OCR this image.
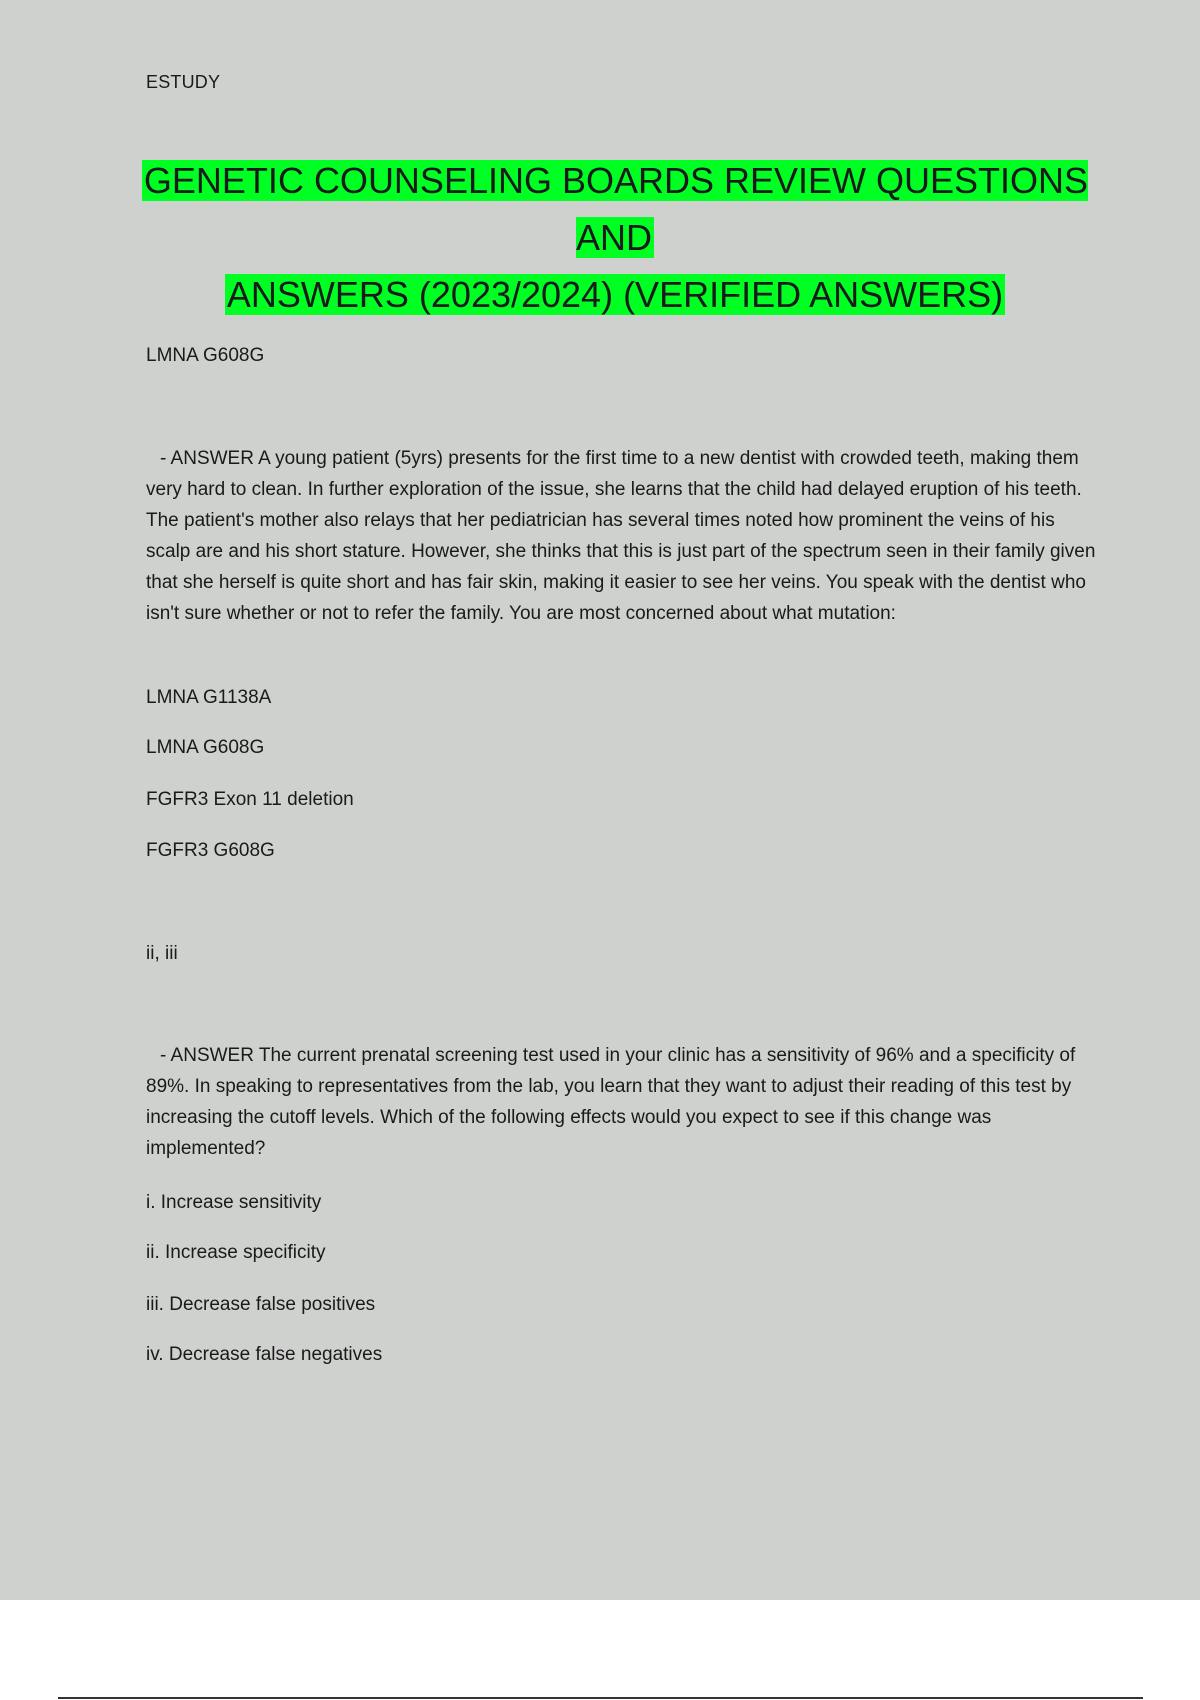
ESTUDY
GENETIC COUNSELING BOARDS REVIEW QUESTIONS AND
ANSWERS (2023/2024) (VERIFIED ANSWERS)
LMNA G608G
- ANSWER A young patient (5yrs) presents for the first time to a new dentist with crowded teeth, making them very hard to clean. In further exploration of the issue, she learns that the child had delayed eruption of his teeth. The patient's mother also relays that her pediatrician has several times noted how prominent the veins of his scalp are and his short stature. However, she thinks that this is just part of the spectrum seen in their family given that she herself is quite short and has fair skin, making it easier to see her veins. You speak with the dentist who isn't sure whether or not to refer the family. You are most concerned about what mutation:
LMNA G1138A
LMNA G608G
FGFR3 Exon 11 deletion
FGFR3 G608G
ii, iii
- ANSWER The current prenatal screening test used in your clinic has a sensitivity of 96% and a specificity of 89%. In speaking to representatives from the lab, you learn that they want to adjust their reading of this test by increasing the cutoff levels. Which of the following effects would you expect to see if this change was implemented?
i. Increase sensitivity
ii. Increase specificity
iii. Decrease false positives
iv. Decrease false negatives
